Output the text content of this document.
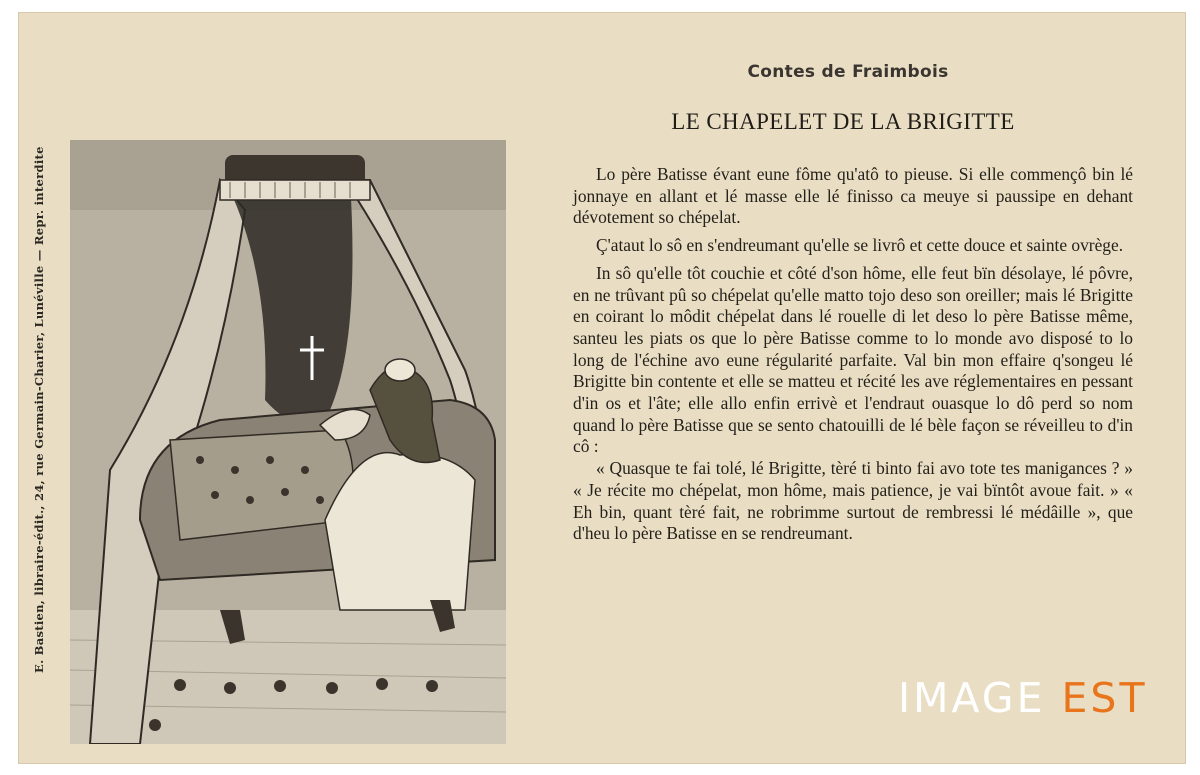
E. Bastien, libraire-édit., 24, rue Germain-Charier, Lunéville — Repr. interdite
Contes de Fraimbois
LE CHAPELET DE LA BRIGITTE

Lo père Batisse évant eune fôme qu'atô to pieuse. Si elle commençô bin lé jonnaye en allant et lé masse elle lé finisso ca meuye si paussipe en dehant dévotement so chépelat.

Ç'ataut lo sô en s'endreumant qu'elle se livrô et cette douce et sainte ovrège.

In sô qu'elle tôt couchie et côté d'son hôme, elle feut bïn désolaye, lé pôvre, en ne trûvant pû so chépelat qu'elle matto tojo deso son oreiller; mais lé Brigitte en coirant lo môdit chépelat dans lé rouelle di let deso lo père Batisse même, santeu les piats os que lo père Batisse comme to lo monde avo disposé to lo long de l'échine avo eune régularité parfaite. Val bin mon effaire q'songeu lé Brigitte bin contente et elle se matteu et récité les ave réglementaires en pessant d'in os et l'âte; elle allo enfin errivè et l'endraut ouasque lo dô perd so nom quand lo père Batisse que se sento chatouilli de lé bèle façon se réveilleu to d'in cô :

« Quasque te fai tolé, lé Brigitte, tèré ti binto fai avo tote tes manigances ? » « Je récite mo chépelat, mon hôme, mais patience, je vai bïntôt avoue fait. » « Eh bin, quant tèré fait, ne robrimme surtout de rembressi lé médâille », que d'heu lo père Batisse en se rendreumant.

IMAGE EST
